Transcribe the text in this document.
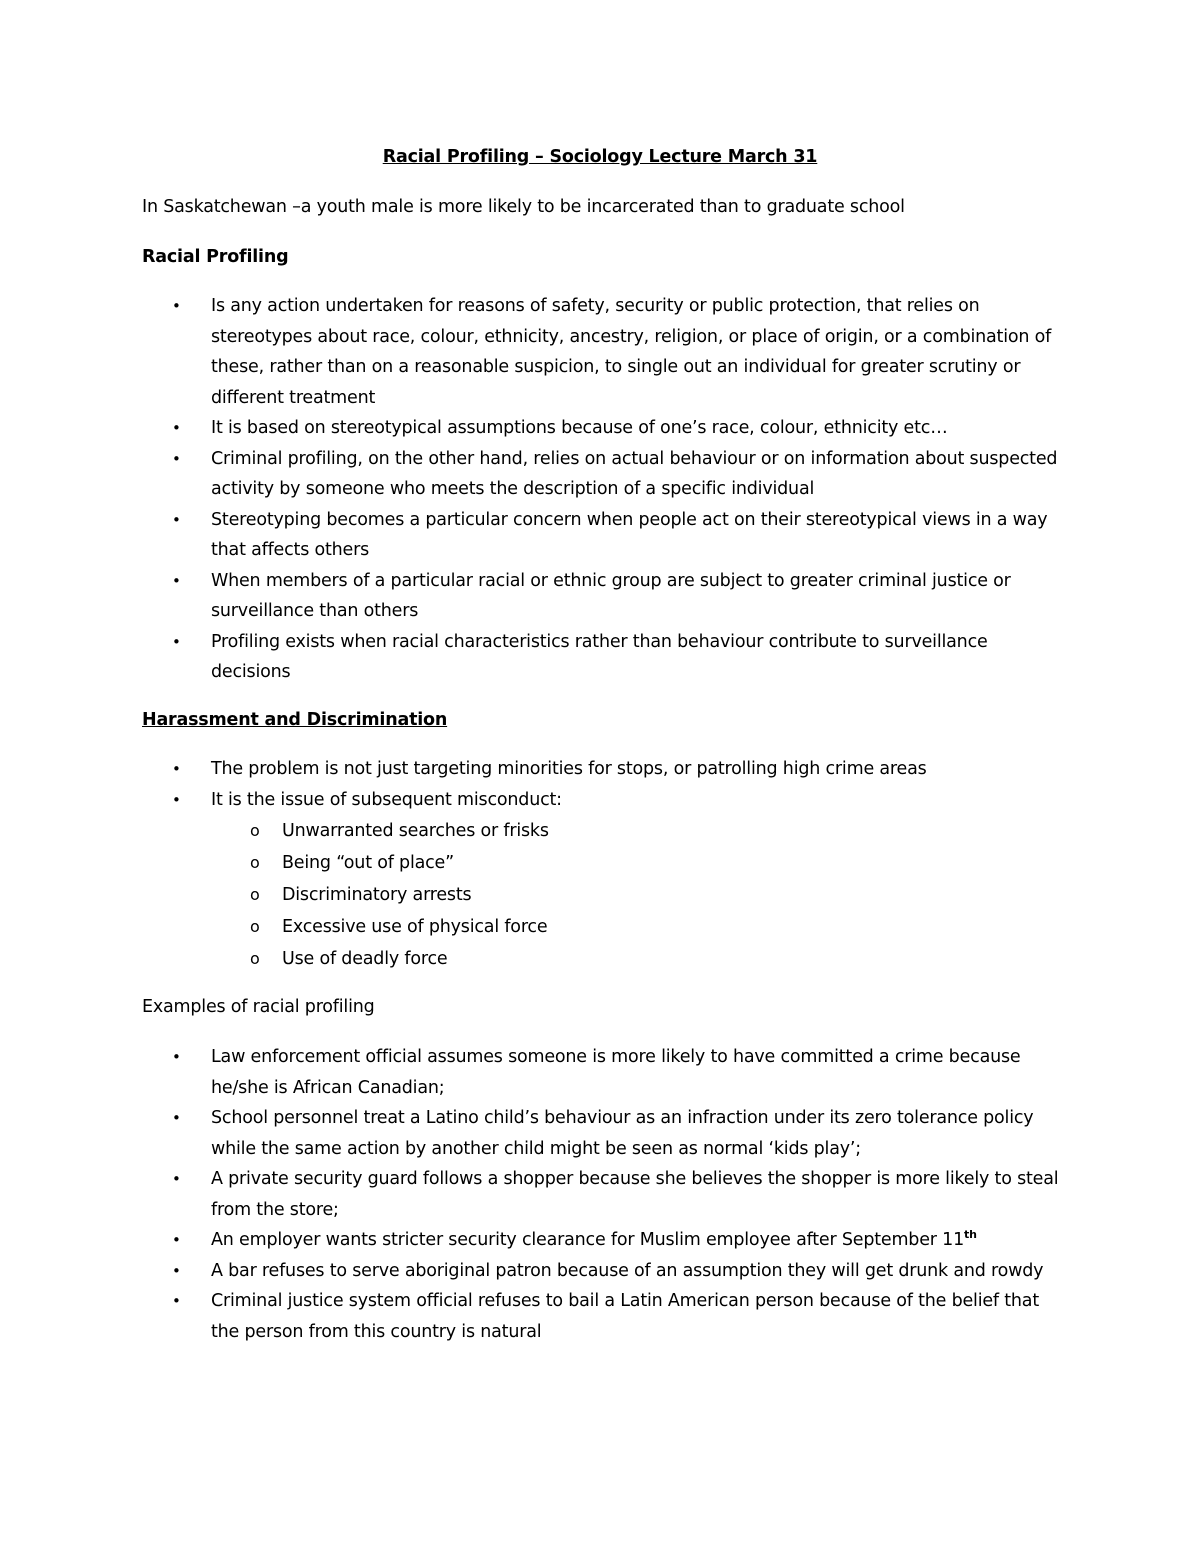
Racial Profiling – Sociology Lecture March 31
In Saskatchewan –a youth male is more likely to be incarcerated than to graduate school
Racial Profiling
•	Is any action undertaken for reasons of safety, security or public protection, that relies on stereotypes about race, colour, ethnicity, ancestry, religion, or place of origin, or a combination of these, rather than on a reasonable suspicion, to single out an individual for greater scrutiny or different treatment
•	It is based on stereotypical assumptions because of one’s race, colour, ethnicity etc…
•	Criminal profiling, on the other hand, relies on actual behaviour or on information about suspected activity by someone who meets the description of a specific individual
•	Stereotyping becomes a particular concern when people act on their stereotypical views in a way that affects others
•	When members of a particular racial or ethnic group are subject to greater criminal justice or surveillance than others
•	Profiling exists when racial characteristics rather than behaviour contribute to surveillance decisions
Harassment and Discrimination
•	The problem is not just targeting minorities for stops, or patrolling high crime areas
•	It is the issue of subsequent misconduct:
o Unwarranted searches or frisks
o Being “out of place”
o Discriminatory arrests
o Excessive use of physical force
o Use of deadly force
Examples of racial profiling
•	Law enforcement official assumes someone is more likely to have committed a crime because he/she is African Canadian;
•	School personnel treat a Latino child’s behaviour as an infraction under its zero tolerance policy while the same action by another child might be seen as normal ‘kids play’;
•	A private security guard follows a shopper because she believes the shopper is more likely to steal from the store;
•	An employer wants stricter security clearance for Muslim employee after September 11th
•	A bar refuses to serve aboriginal patron because of an assumption they will get drunk and rowdy
•	Criminal justice system official refuses to bail a Latin American person because of the belief that the person from this country is natural
